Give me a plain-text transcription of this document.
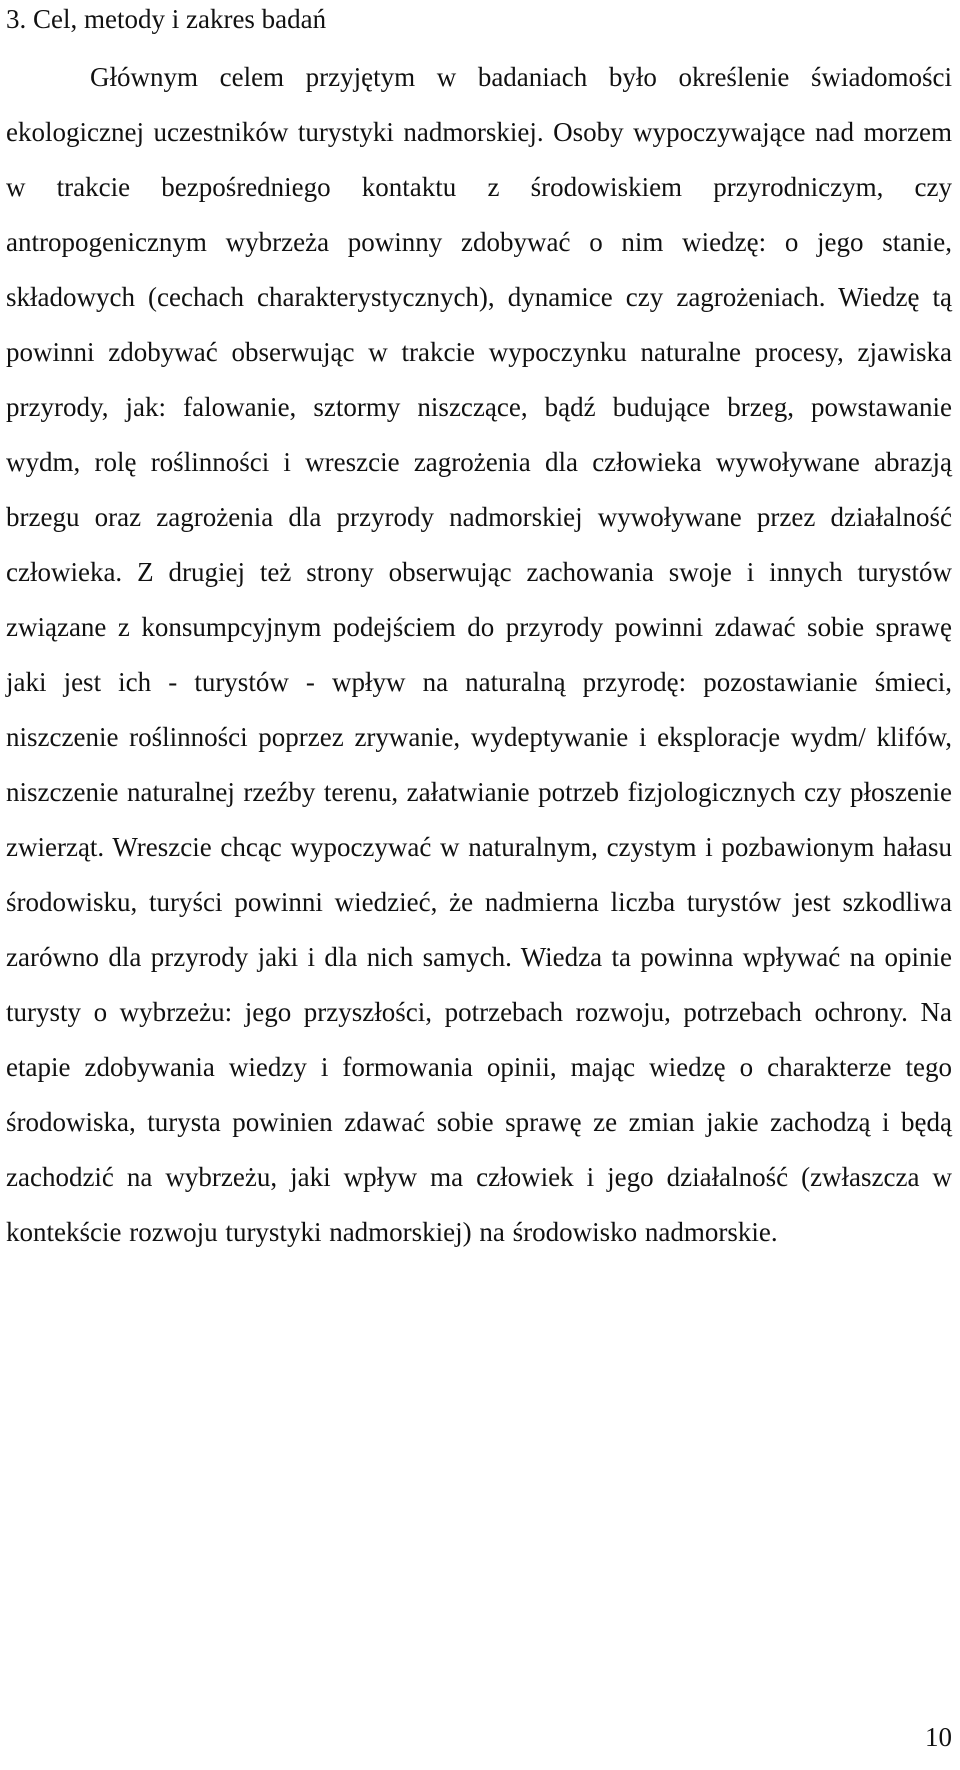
3. Cel, metody i zakres badań

Głównym celem przyjętym w badaniach było określenie świadomości ekologicznej uczestników turystyki nadmorskiej. Osoby wypoczywające nad morzem w trakcie bezpośredniego kontaktu z środowiskiem przyrodniczym, czy antropogenicznym wybrzeża powinny zdobywać o nim wiedzę: o jego stanie, składowych (cechach charakterystycznych), dynamice czy zagrożeniach. Wiedzę tą powinni zdobywać obserwując w trakcie wypoczynku naturalne procesy, zjawiska przyrody, jak: falowanie, sztormy niszczące, bądź budujące brzeg, powstawanie wydm, rolę roślinności i wreszcie zagrożenia dla człowieka wywoływane abrazją brzegu oraz zagrożenia dla przyrody nadmorskiej wywoływane przez działalność człowieka. Z drugiej też strony obserwując zachowania swoje i innych turystów związane z konsumpcyjnym podejściem do przyrody powinni zdawać sobie sprawę jaki jest ich - turystów - wpływ na naturalną przyrodę: pozostawianie śmieci, niszczenie roślinności poprzez zrywanie, wydeptywanie i eksploracje wydm/ klifów, niszczenie naturalnej rzeźby terenu, załatwianie potrzeb fizjologicznych czy płoszenie zwierząt. Wreszcie chcąc wypoczywać w naturalnym, czystym i pozbawionym hałasu środowisku, turyści powinni wiedzieć, że nadmierna liczba turystów jest szkodliwa zarówno dla przyrody jaki i dla nich samych. Wiedza ta powinna wpływać na opinie turysty o wybrzeżu: jego przyszłości, potrzebach rozwoju, potrzebach ochrony. Na etapie zdobywania wiedzy i formowania opinii, mając wiedzę o charakterze tego środowiska, turysta powinien zdawać sobie sprawę ze zmian jakie zachodzą i będą zachodzić na wybrzeżu, jaki wpływ ma człowiek i jego działalność (zwłaszcza w kontekście rozwoju turystyki nadmorskiej) na środowisko nadmorskie.

10
